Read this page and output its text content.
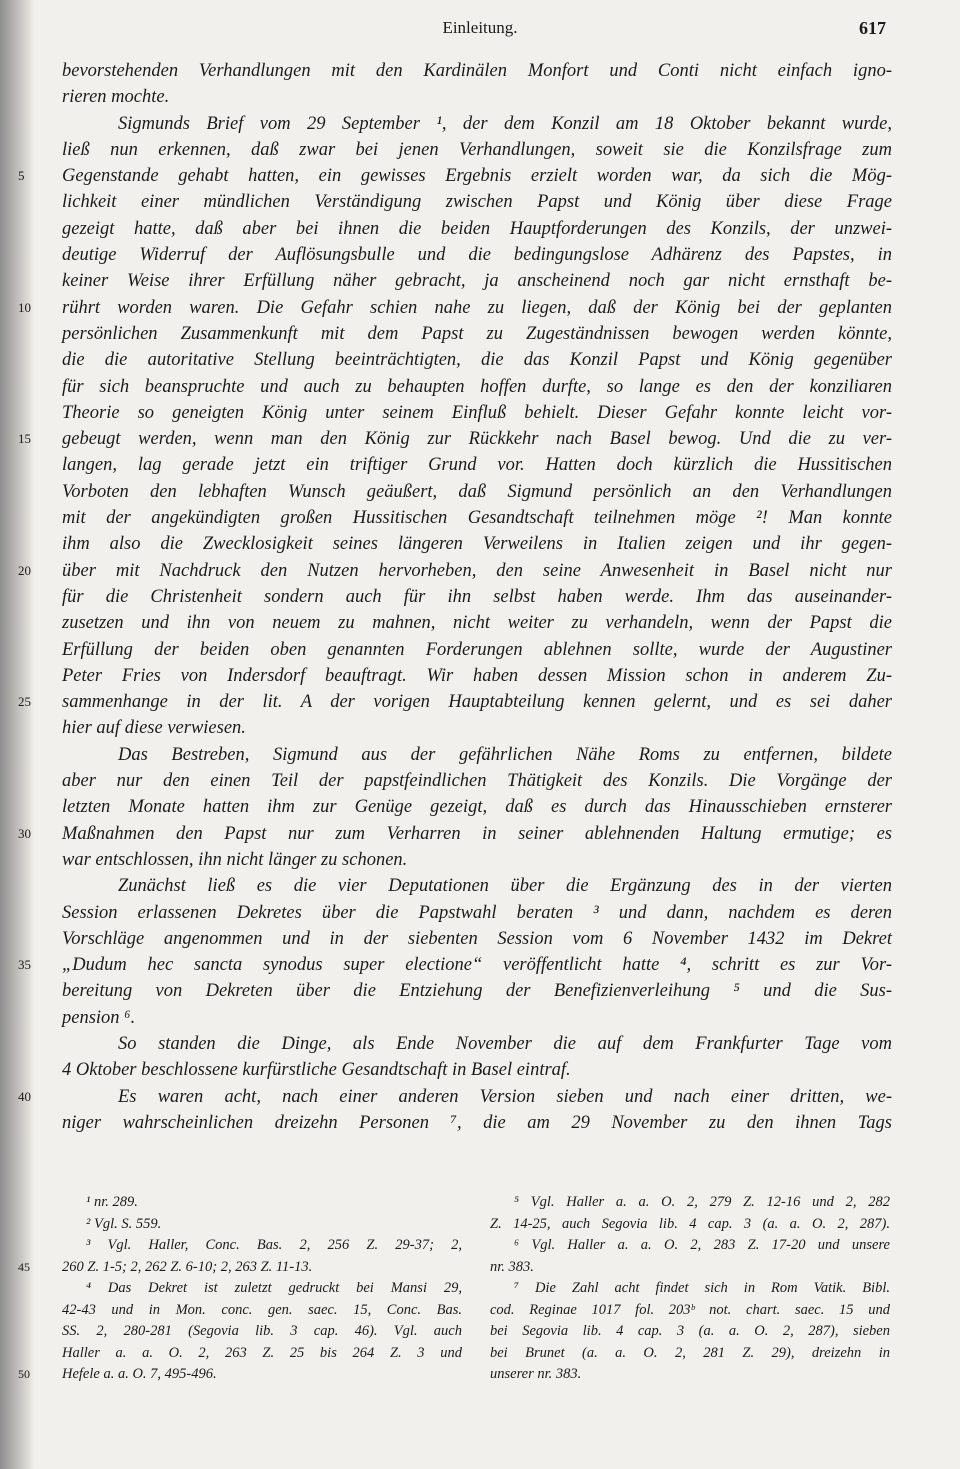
Einleitung.	617
bevorstehenden Verhandlungen mit den Kardinälen Monfort und Conti nicht einfach igno-
rieren mochte.
Sigmunds Brief vom 29 September ¹, der dem Konzil am 18 Oktober bekannt wurde,
ließ nun erkennen, daß zwar bei jenen Verhandlungen, soweit sie die Konzilsfrage zum
Gegenstande gehabt hatten, ein gewisses Ergebnis erzielt worden war, da sich die Mög-
5
lichkeit einer mündlichen Verständigung zwischen Papst und König über diese Frage
gezeigt hatte, daß aber bei ihnen die beiden Hauptforderungen des Konzils, der unzwei-
deutige Widerruf der Auflösungsbulle und die bedingungslose Adhärenz des Papstes, in
keiner Weise ihrer Erfüllung näher gebracht, ja anscheinend noch gar nicht ernsthaft be-
rührt worden waren. Die Gefahr schien nahe zu liegen, daß der König bei der geplanten
10
persönlichen Zusammenkunft mit dem Papst zu Zugeständnissen bewogen werden könnte,
die die autoritative Stellung beeinträchtigten, die das Konzil Papst und König gegenüber
für sich beanspruchte und auch zu behaupten hoffen durfte, so lange es den der konziliaren
Theorie so geneigten König unter seinem Einfluß behielt. Dieser Gefahr konnte leicht vor-
gebeugt werden, wenn man den König zur Rückkehr nach Basel bewog. Und die zu ver-
15
langen, lag gerade jetzt ein triftiger Grund vor. Hatten doch kürzlich die Hussitischen
Vorboten den lebhaften Wunsch geäußert, daß Sigmund persönlich an den Verhandlungen
mit der angekündigten großen Hussitischen Gesandtschaft teilnehmen möge ²! Man konnte
ihm also die Zwecklosigkeit seines längeren Verweilens in Italien zeigen und ihr gegen-
über mit Nachdruck den Nutzen hervorheben, den seine Anwesenheit in Basel nicht nur
20
für die Christenheit sondern auch für ihn selbst haben werde. Ihm das auseinander-
zusetzen und ihn von neuem zu mahnen, nicht weiter zu verhandeln, wenn der Papst die
Erfüllung der beiden oben genannten Forderungen ablehnen sollte, wurde der Augustiner
Peter Fries von Indersdorf beauftragt. Wir haben dessen Mission schon in anderem Zu-
sammenhange in der lit. A der vorigen Hauptabteilung kennen gelernt, und es sei daher
25
hier auf diese verwiesen.
Das Bestreben, Sigmund aus der gefährlichen Nähe Roms zu entfernen, bildete
aber nur den einen Teil der papstfeindlichen Thätigkeit des Konzils. Die Vorgänge der
letzten Monate hatten ihm zur Genüge gezeigt, daß es durch das Hinausschieben ernsterer
Maßnahmen den Papst nur zum Verharren in seiner ablehnenden Haltung ermutige; es
30
war entschlossen, ihn nicht länger zu schonen.
Zunächst ließ es die vier Deputationen über die Ergänzung des in der vierten
Session erlassenen Dekretes über die Papstwahl beraten ³ und dann, nachdem es deren
Vorschläge angenommen und in der siebenten Session vom 6 November 1432 im Dekret
„Dudum hec sancta synodus super electione“ veröffentlicht hatte ⁴, schritt es zur Vor-
35
bereitung von Dekreten über die Entziehung der Benefizienverleihung ⁵ und die Sus-
pension ⁶.
So standen die Dinge, als Ende November die auf dem Frankfurter Tage vom
4 Oktober beschlossene kurfürstliche Gesandtschaft in Basel eintraf.
Es waren acht, nach einer anderen Version sieben und nach einer dritten, we-
40
niger wahrscheinlichen dreizehn Personen ⁷, die am 29 November zu den ihnen Tags
¹ nr. 289.
² Vgl. S. 559.
³ Vgl. Haller, Conc. Bas. 2, 256 Z. 29-37; 2,
260 Z. 1-5; 2, 262 Z. 6-10; 2, 263 Z. 11-13.
45
⁴ Das Dekret ist zuletzt gedruckt bei Mansi 29,
42-43 und in Mon. conc. gen. saec. 15, Conc. Bas.
SS. 2, 280-281 (Segovia lib. 3 cap. 46). Vgl. auch
Haller a. a. O. 2, 263 Z. 25 bis 264 Z. 3 und
Hefele a. a. O. 7, 495-496.
50
⁵ Vgl. Haller a. a. O. 2, 279 Z. 12-16 und 2, 282
Z. 14-25, auch Segovia lib. 4 cap. 3 (a. a. O. 2, 287).
⁶ Vgl. Haller a. a. O. 2, 283 Z. 17-20 und unsere
nr. 383.
⁷ Die Zahl acht findet sich in Rom Vatik. Bibl.
cod. Reginae 1017 fol. 203ᵇ not. chart. saec. 15 und
bei Segovia lib. 4 cap. 3 (a. a. O. 2, 287), sieben
bei Brunet (a. a. O. 2, 281 Z. 29), dreizehn in
unserer nr. 383.
